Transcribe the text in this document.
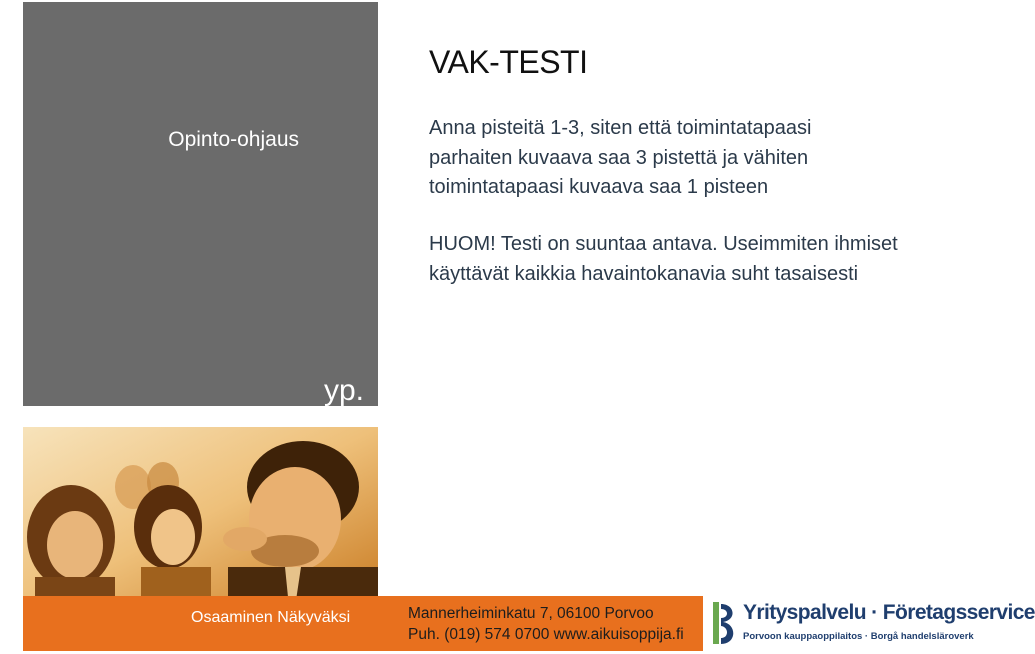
Opinto-ohjaus
yp.
VAK-TESTI

Anna pisteitä 1-3, siten että toimintatapaasi parhaiten kuvaava saa 3 pistettä ja vähiten toimintatapaasi kuvaava saa 1 pisteen

HUOM! Testi on suuntaa antava. Useimmiten ihmiset käyttävät kaikkia havaintokanavia suht tasaisesti

Osaaminen Näkyväksi	Mannerheiminkatu 7, 06100 Porvoo
Puh. (019) 574 0700 www.aikuisoppija.fi
Yrityspalvelu · Företagsservice
Porvoon kauppaoppilaitos · Borgå handelsläroverk
